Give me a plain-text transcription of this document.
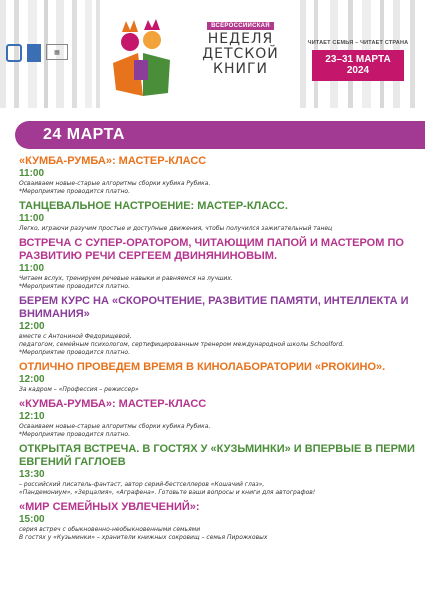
▦
ВСЕРОССИЙСКАЯ
НЕДЕЛЯ
ДЕТСКОЙ
КНИГИ
ЧИТАЕТ СЕМЬЯ – ЧИТАЕТ СТРАНА
23–31 МАРТА
2024
24 МАРТА
«КУМБА-РУМБА»: МАСТЕР-КЛАСС
11:00
Осваиваем новые-старые алгоритмы сборки кубика Рубика.
*Мероприятие проводится платно.
ТАНЦЕВАЛЬНОЕ НАСТРОЕНИЕ: МАСТЕР-КЛАСС.
11:00
Легко, играючи разучим простые и доступные движения, чтобы получился зажигательный танец
ВСТРЕЧА С СУПЕР-ОРАТОРОМ, ЧИТАЮЩИМ ПАПОЙ И МАСТЕРОМ ПО РАЗВИТИЮ РЕЧИ СЕРГЕЕМ ДВИНЯНИНОВЫМ.
11:00
Читаем вслух, тренируем речевые навыки и равняемся на лучших.
*Мероприятие проводится платно.
БЕРЕМ КУРС НА «СКОРОЧТЕНИЕ, РАЗВИТИЕ ПАМЯТИ, ИНТЕЛЛЕКТА И ВНИМАНИЯ»
12:00
вместе с Антониной Федорищевой,
педагогом, семейным психологом, сертифицированным тренером международной школы Schoolford.
*Мероприятие проводится платно.
ОТЛИЧНО ПРОВЕДЕМ ВРЕМЯ В КИНОЛАБОРАТОРИИ «PROКИНО».
12:00
За кадром – «Профессия – режиссер»
«КУМБА-РУМБА»: МАСТЕР-КЛАСС
12:10
Осваиваем новые-старые алгоритмы сборки кубика Рубика.
*Мероприятие проводится платно.
ОТКРЫТАЯ ВСТРЕЧА. В ГОСТЯХ У «КУЗЬМИНКИ» И ВПЕРВЫЕ В ПЕРМИ ЕВГЕНИЙ ГАГЛОЕВ
13:30
– российский писатель-фантаст, автор серий-бестселлеров «Кошачий глаз»,
«Пандемониум», «Зерцалия», «Аграфена». Готовьте ваши вопросы и книги для автографов!
«МИР СЕМЕЙНЫХ УВЛЕЧЕНИЙ»:
15:00
серия встреч с обыкновенно-необыкновенными семьями
В гостях у «Кузьминки» – хранители книжных сокровищ – семья Пирожковых
